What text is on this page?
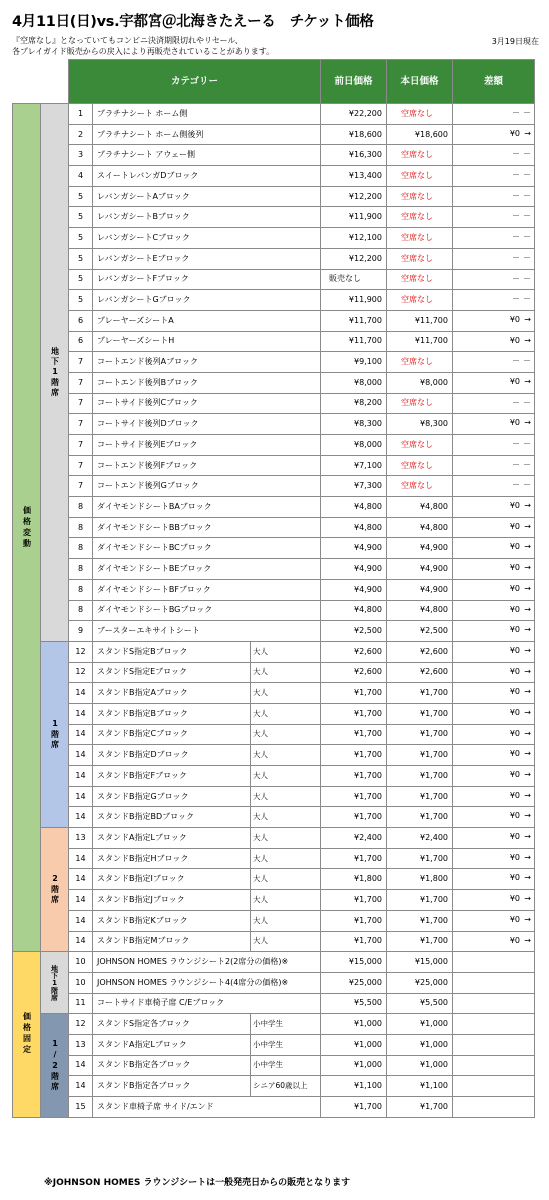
4月11日(日)vs.宇都宮＠北海きたえーる　チケット価格
『空席なし』となっていてもコンビニ決済期限切れやリセール、
各プレイガイド販売からの戻入により再販売されていることがあります。
3月19日現在
		カテゴリー			前日価格	本日価格	差額
価格変動	地下1階席	1	プラチナシート ホーム側		¥22,200	空席なし	－ －

		2	プラチナシート ホーム側後列		¥18,600	¥18,600	¥0 →

		3	プラチナシート アウェー側		¥16,300	空席なし	－ －

		4	スイートレバンガDブロック		¥13,400	空席なし	－ －

		5	レバンガシートAブロック		¥12,200	空席なし	－ －

		5	レバンガシートBブロック		¥11,900	空席なし	－ －

		5	レバンガシートCブロック		¥12,100	空席なし	－ －

		5	レバンガシートEブロック		¥12,200	空席なし	－ －

		5	レバンガシートFブロック		販売なし	空席なし	－ －

		5	レバンガシートGブロック		¥11,900	空席なし	－ －

		6	プレーヤーズシートA		¥11,700	¥11,700	¥0 →

		6	プレーヤーズシートH		¥11,700	¥11,700	¥0 →

		7	コートエンド後列Aブロック		¥9,100	空席なし	－ －

		7	コートエンド後列Bブロック		¥8,000	¥8,000	¥0 →

		7	コートサイド後列Cブロック		¥8,200	空席なし	－ －

		7	コートサイド後列Dブロック		¥8,300	¥8,300	¥0 →

		7	コートサイド後列Eブロック		¥8,000	空席なし	－ －

		7	コートエンド後列Fブロック		¥7,100	空席なし	－ －

		7	コートエンド後列Gブロック		¥7,300	空席なし	－ －

		8	ダイヤモンドシートBAブロック		¥4,800	¥4,800	¥0 →

		8	ダイヤモンドシートBBブロック		¥4,800	¥4,800	¥0 →

		8	ダイヤモンドシートBCブロック		¥4,900	¥4,900	¥0 →

		8	ダイヤモンドシートBEブロック		¥4,900	¥4,900	¥0 →

		8	ダイヤモンドシートBFブロック		¥4,900	¥4,900	¥0 →

		8	ダイヤモンドシートBGブロック		¥4,800	¥4,800	¥0 →

		9	ブースターエキサイトシート		¥2,500	¥2,500	¥0 →

	1階席	12	スタンドS指定Bブロック	大人	¥2,600	¥2,600	¥0 →

		12	スタンドS指定Eブロック	大人	¥2,600	¥2,600	¥0 →

		14	スタンドB指定Aブロック	大人	¥1,700	¥1,700	¥0 →

		14	スタンドB指定Bブロック	大人	¥1,700	¥1,700	¥0 →

		14	スタンドB指定Cブロック	大人	¥1,700	¥1,700	¥0 →

		14	スタンドB指定Dブロック	大人	¥1,700	¥1,700	¥0 →

		14	スタンドB指定Fブロック	大人	¥1,700	¥1,700	¥0 →

		14	スタンドB指定Gブロック	大人	¥1,700	¥1,700	¥0 →

		14	スタンドB指定BDブロック	大人	¥1,700	¥1,700	¥0 →

	2階席	13	スタンドA指定Lブロック	大人	¥2,400	¥2,400	¥0 →

		14	スタンドB指定Hブロック	大人	¥1,700	¥1,700	¥0 →

		14	スタンドB指定Iブロック	大人	¥1,800	¥1,800	¥0 →

		14	スタンドB指定Jブロック	大人	¥1,700	¥1,700	¥0 →

		14	スタンドB指定Kブロック	大人	¥1,700	¥1,700	¥0 →

		14	スタンドB指定Mブロック	大人	¥1,700	¥1,700	¥0 →

価格固定	地下1階席	10	JOHNSON HOMES ラウンジシート2(2席分の価格)※		¥15,000	¥15,000	

		10	JOHNSON HOMES ラウンジシート4(4席分の価格)※		¥25,000	¥25,000	

		11	コートサイド車椅子席 C/Eブロック		¥5,500	¥5,500	

	1/2階席	12	スタンドS指定各ブロック	小中学生	¥1,000	¥1,000	

		13	スタンドA指定Lブロック	小中学生	¥1,000	¥1,000	

		14	スタンドB指定各ブロック	小中学生	¥1,000	¥1,000	

		14	スタンドB指定各ブロック	シニア60歳以上	¥1,100	¥1,100	

		15	スタンド車椅子席 サイド/エンド		¥1,700	¥1,700	
※JOHNSON HOMES ラウンジシートは一般発売日からの販売となります
